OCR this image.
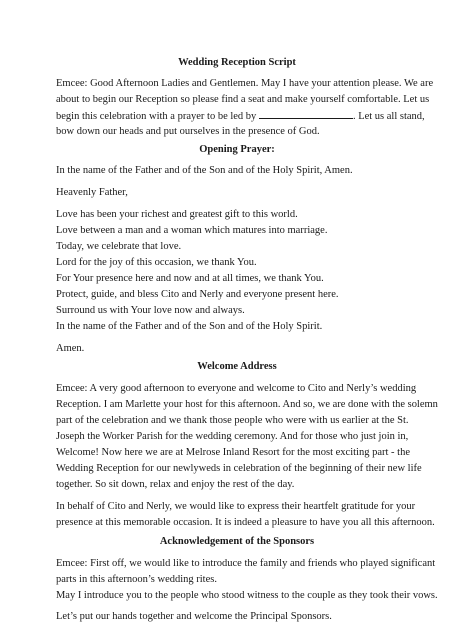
Wedding Reception Script
Emcee: Good Afternoon Ladies and Gentlemen. May I have your attention please. We are
about to begin our Reception so please find a seat and make yourself comfortable. Let us
begin this celebration with a prayer to be led by	. Let us all stand,
bow down our heads and put ourselves in the presence of God.
Opening Prayer:
In the name of the Father and of the Son and of the Holy Spirit, Amen.
Heavenly Father,
Love has been your richest and greatest gift to this world.
Love between a man and a woman which matures into marriage.
Today, we celebrate that love.
Lord for the joy of this occasion, we thank You.
For Your presence here and now and at all times, we thank You.
Protect, guide, and bless Cito and Nerly and everyone present here.
Surround us with Your love now and always.
In the name of the Father and of the Son and of the Holy Spirit.
Amen.
Welcome Address
Emcee: A very good afternoon to everyone and welcome to Cito and Nerly’s wedding
Reception. I am Marlette your host for this afternoon. And so, we are done with the solemn
part of the celebration and we thank those people who were with us earlier at the St.
Joseph the Worker Parish for the wedding ceremony. And for those who just join in,
Welcome! Now here we are at Melrose Inland Resort for the most exciting part - the
Wedding Reception for our newlyweds in celebration of the beginning of their new life
together. So sit down, relax and enjoy the rest of the day.
In behalf of Cito and Nerly, we would like to express their heartfelt gratitude for your
presence at this memorable occasion. It is indeed a pleasure to have you all this afternoon.
Acknowledgement of the Sponsors
Emcee: First off, we would like to introduce the family and friends who played significant
parts in this afternoon’s wedding rites.
May I introduce you to the people who stood witness to the couple as they took their vows.
Let’s put our hands together and welcome the Principal Sponsors.
